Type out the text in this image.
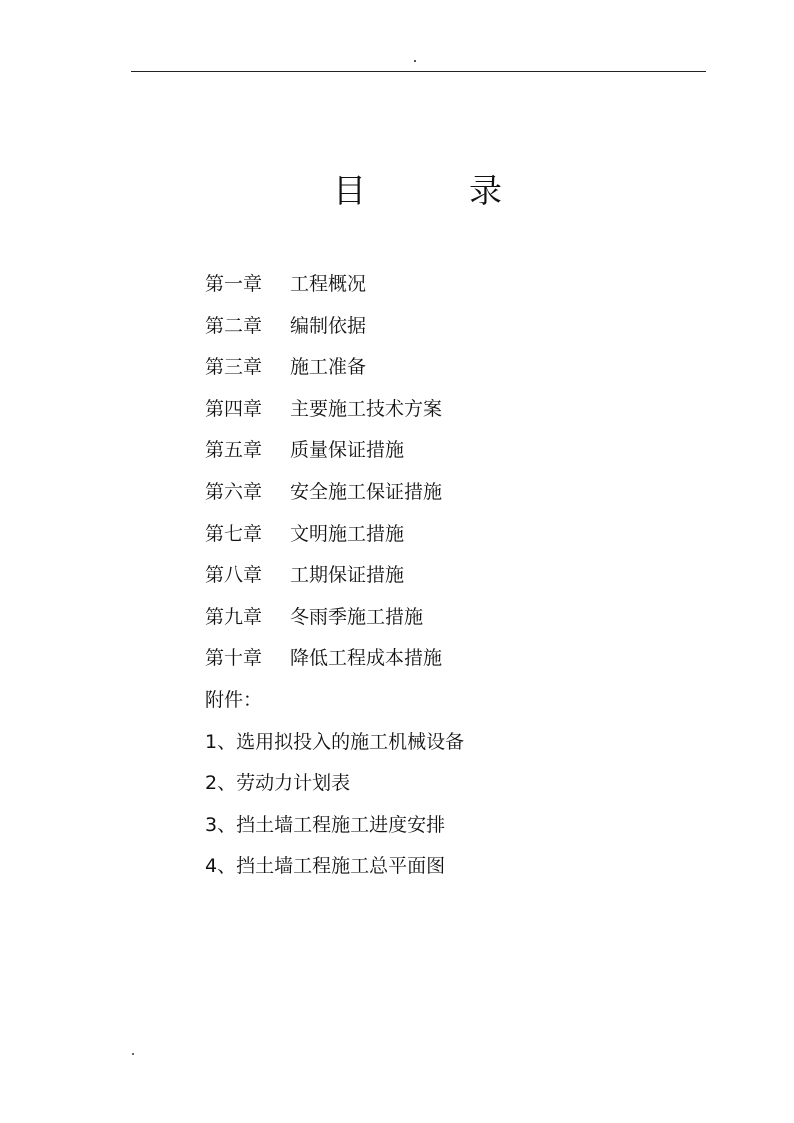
目	录
第一章 工程概况
第二章 编制依据
第三章 施工准备
第四章 主要施工技术方案
第五章 质量保证措施
第六章 安全施工保证措施
第七章 文明施工措施
第八章 工期保证措施
第九章 冬雨季施工措施
第十章 降低工程成本措施
附件：
1、选用拟投入的施工机械设备
2、劳动力计划表
3、挡土墙工程施工进度安排
4、挡土墙工程施工总平面图
